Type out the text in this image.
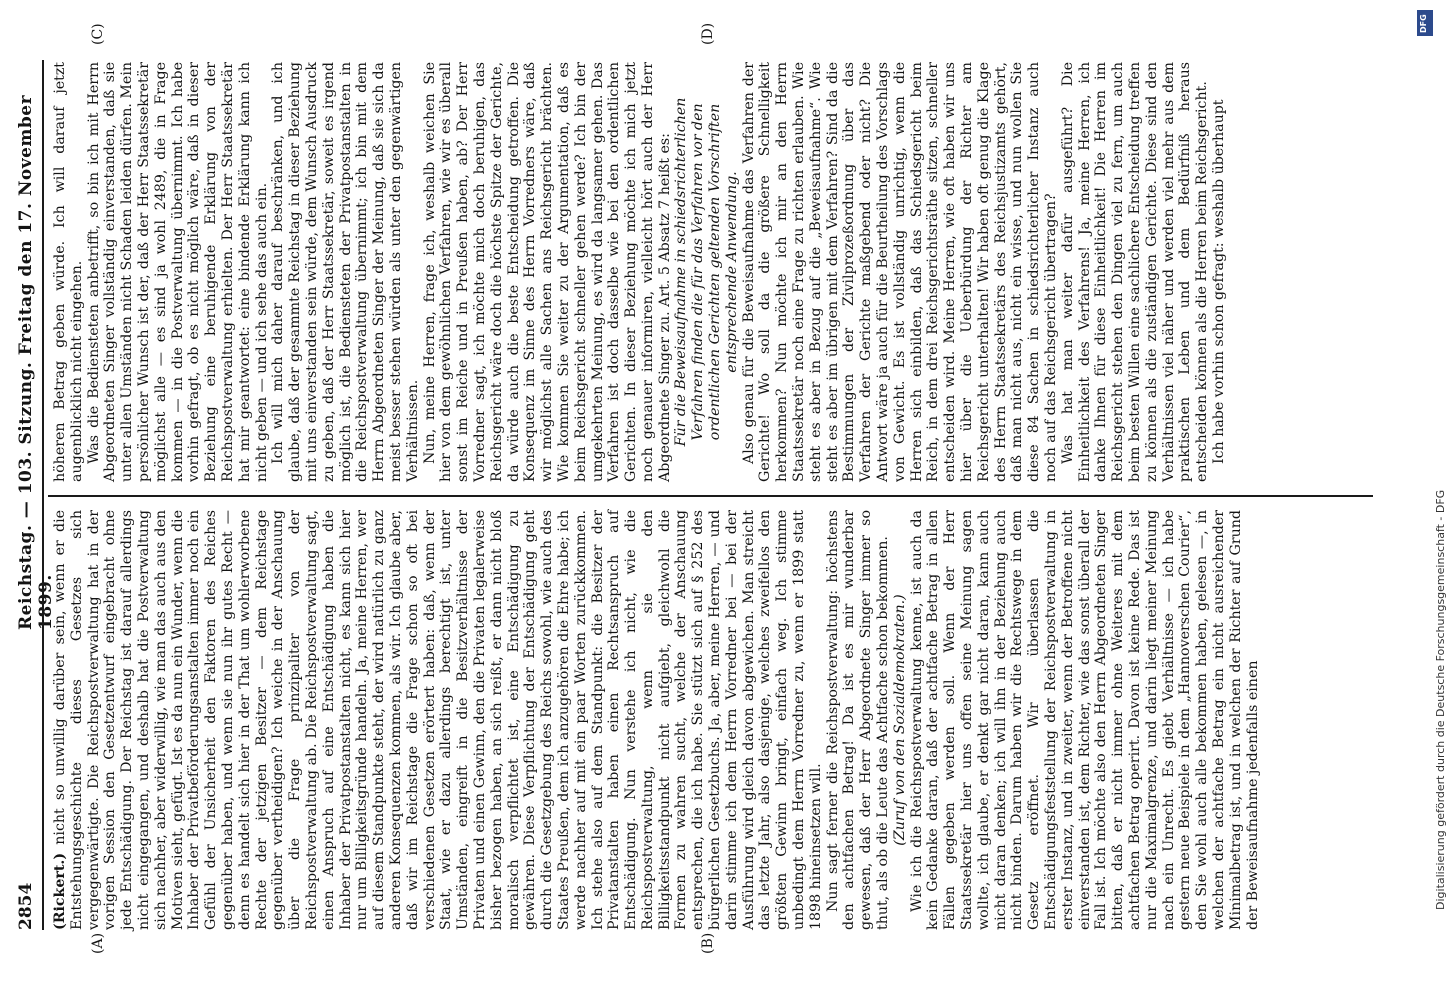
2854
Reichstag. — 103. Sitzung. Freitag den 17. November 1899.
(A)	(B)
(C)	(D)

(Rickert.) nicht so unwillig darüber sein, wenn er die Entstehungsgeschichte dieses Gesetzes sich vergegenwärtigte. Die Reichspostverwaltung hat in der vorigen Session den Gesetzentwurf eingebracht ohne jede Entschädigung. Der Reichstag ist darauf allerdings nicht eingegangen, und deshalb hat die Postverwaltung sich nachher, aber widerwillig, wie man das auch aus den Motiven sieht, gefügt. Ist es da nun ein Wunder, wenn die Inhaber der Privatbeförderungsanstalten immer noch ein Gefühl der Unsicherheit den Faktoren des Reiches gegenüber haben, und wenn sie nun ihr gutes Recht — denn es handelt sich hier in der That um wohlerworbene Rechte der jetzigen Besitzer — dem Reichstage gegenüber vertheidigen? Ich weiche in der Anschauung über die Frage prinzipaliter von der Reichspostverwaltung ab. Die Reichspostverwaltung sagt, einen Anspruch auf eine Entschädigung haben die Inhaber der Privatpostanstalten nicht, es kann sich hier nur um Billigkeitsgründe handeln. Ja, meine Herren, wer auf diesem Standpunkte steht, der wird natürlich zu ganz anderen Konsequenzen kommen, als wir. Ich glaube aber, daß wir im Reichstage die Frage schon so oft bei verschiedenen Gesetzen erörtert haben: daß, wenn der Staat, wie er dazu allerdings berechtigt ist, unter Umständen, eingreift in die Besitzverhältnisse der Privaten und einen Gewinn, den die Privaten legalerweise bisher bezogen haben, an sich reißt, er dann nicht bloß moralisch verpflichtet ist, eine Entschädigung zu gewähren. Diese Verpflichtung der Entschädigung geht durch die Gesetzgebung des Reichs sowohl, wie auch des Staates Preußen, dem ich anzugehören die Ehre habe; ich werde nachher auf mit ein paar Worten zurückkommen. Ich stehe also auf dem Standpunkt: die Besitzer der Privatanstalten haben einen Rechtsanspruch auf Entschädigung. Nun verstehe ich nicht, wie die Reichspostverwaltung, wenn sie den Billigkeitsstandpunkt nicht aufgiebt, gleichwohl die Formen zu wahren sucht, welche der Anschauung entsprechen, die ich habe. Sie stützt sich auf § 252 des bürgerlichen Gesetzbuchs. Ja, aber, meine Herren, — und darin stimme ich dem Herrn Vorredner bei — bei der Ausführung wird gleich davon abgewichen. Man streicht das letzte Jahr, also dasjenige, welches zweifellos den größten Gewinn bringt, einfach weg. Ich stimme unbedingt dem Herrn Vorredner zu, wenn er 1899 statt 1898 hineinsetzen will. Nun sagt ferner die Reichspostverwaltung: höchstens den achtfachen Betrag! Da ist es mir wunderbar gewesen, daß der Herr Abgeordnete Singer immer so thut, als ob die Leute das Achtfache schon bekommen. (Zuruf von den Sozialdemokraten.) Wie ich die Reichspostverwaltung kenne, ist auch da kein Gedanke daran, daß der achtfache Betrag in allen Fällen gegeben werden soll. Wenn der Herr Staatssekretär hier uns offen seine Meinung sagen wollte, ich glaube, er denkt gar nicht daran, kann auch nicht daran denken; ich will ihn in der Beziehung auch nicht binden. Darum haben wir die Rechtswege in dem Gesetz eröffnet. Wir überlassen die Entschädigungsfeststellung der Reichspostverwaltung in erster Instanz, und in zweiter, wenn der Betroffene nicht einverstanden ist, dem Richter, wie das sonst überall der Fall ist. Ich möchte also den Herrn Abgeordneten Singer bitten, daß er nicht immer ohne Weiteres mit dem achtfachen Betrag operirt. Davon ist keine Rede. Das ist nur die Maximalgrenze, und darin liegt meiner Meinung nach ein Unrecht. Es giebt Verhältnisse — ich habe gestern neue Beispiele in dem „Hannoverschen Courier“, den Sie wohl auch alle bekommen haben, gelesen —, in welchen der achtfache Betrag ein nicht ausreichender Minimalbetrag ist, und in welchen der Richter auf Grund der Beweisaufnahme jedenfalls einen

höheren Betrag geben würde. Ich will darauf jetzt augenblicklich nicht eingehen. Was die Bediensteten anbetrifft, so bin ich mit Herrn Abgeordneten Singer vollständig einverstanden, daß sie unter allen Umständen nicht Schaden leiden dürfen. Mein persönlicher Wunsch ist der, daß der Herr Staatssekretär möglichst alle — es sind ja wohl 2489, die in Frage kommen — in die Postverwaltung übernimmt. Ich habe vorhin gefragt, ob es nicht möglich wäre, daß in dieser Beziehung eine beruhigende Erklärung von der Reichspostverwaltung erhielten. Der Herr Staatssekretär hat mir geantwortet: eine bindende Erklärung kann ich nicht geben — und ich sehe das auch ein. Ich will mich daher darauf beschränken, und ich glaube, daß der gesammte Reichstag in dieser Beziehung mit uns einverstanden sein würde, dem Wunsch Ausdruck zu geben, daß der Herr Staatssekretär, soweit es irgend möglich ist, die Bediensteten der Privatpostanstalten in die Reichspostverwaltung übernimmt; ich bin mit dem Herrn Abgeordneten Singer der Meinung, daß sie sich da meist besser stehen würden als unter den gegenwärtigen Verhältnissen. Nun, meine Herren, frage ich, weshalb weichen Sie hier von dem gewöhnlichen Verfahren, wie wir es überall sonst im Reiche und in Preußen haben, ab? Der Herr Vorredner sagt, ich möchte mich doch beruhigen, das Reichsgericht wäre doch die höchste Spitze der Gerichte, da würde auch die beste Entscheidung getroffen. Die Konsequenz im Sinne des Herrn Vorredners wäre, daß wir möglichst alle Sachen ans Reichsgericht brächten. Wie kommen Sie weiter zu der Argumentation, daß es beim Reichsgericht schneller gehen werde? Ich bin der umgekehrten Meinung, es wird da langsamer gehen. Das Verfahren ist doch dasselbe wie bei den ordentlichen Gerichten. In dieser Beziehung möchte ich mich jetzt noch genauer informiren, vielleicht hört auch der Herr Abgeordnete Singer zu. Art. 5 Absatz 7 heißt es: Für die Beweisaufnahme in schiedsrichterlichen Verfahren finden die für das Verfahren vor den ordentlichen Gerichten geltenden Vorschriften entsprechende Anwendung. Also genau für die Beweisaufnahme das Verfahren der Gerichte! Wo soll da die größere Schnelligkeit herkommen? Nun möchte ich mir an den Herrn Staatssekretär noch eine Frage zu richten erlauben. Wie steht es aber in Bezug auf die „Beweisaufnahme“. Wie steht es aber im übrigen mit dem Verfahren? Sind da die Bestimmungen der Zivilprozeßordnung über das Verfahren der Gerichte maßgebend oder nicht? Die Antwort wäre ja auch für die Beurtheilung des Vorschlags von Gewicht. Es ist vollständig unrichtig, wenn die Herren sich einbilden, daß das Schiedsgericht beim Reich, in dem drei Reichsgerichtsräthe sitzen, schneller entscheiden wird. Meine Herren, wie oft haben wir uns hier über die Ueberbürdung der Richter am Reichsgericht unterhalten! Wir haben oft genug die Klage des Herrn Staatssekretärs des Reichsjustizamts gehört, daß man nicht aus, nicht ein wisse, und nun wollen Sie diese 84 Sachen in schiedsrichterlicher Instanz auch noch auf das Reichsgericht übertragen? Was hat man weiter dafür ausgeführt? Die Einheitlichkeit des Verfahrens! Ja, meine Herren, ich danke Ihnen für diese Einheitlichkeit! Die Herren im Reichsgericht stehen den Dingen viel zu fern, um auch beim besten Willen eine sachlichere Entscheidung treffen zu können als die zuständigen Gerichte. Diese sind den Verhältnissen viel näher und werden viel mehr aus dem praktischen Leben und dem Bedürfniß heraus entscheiden können als die Herren beim Reichsgericht. Ich habe vorhin schon gefragt: weshalb überhaupt

DFG
Digitalisierung gefördert durch die Deutsche Forschungsgemeinschaft - DFG
